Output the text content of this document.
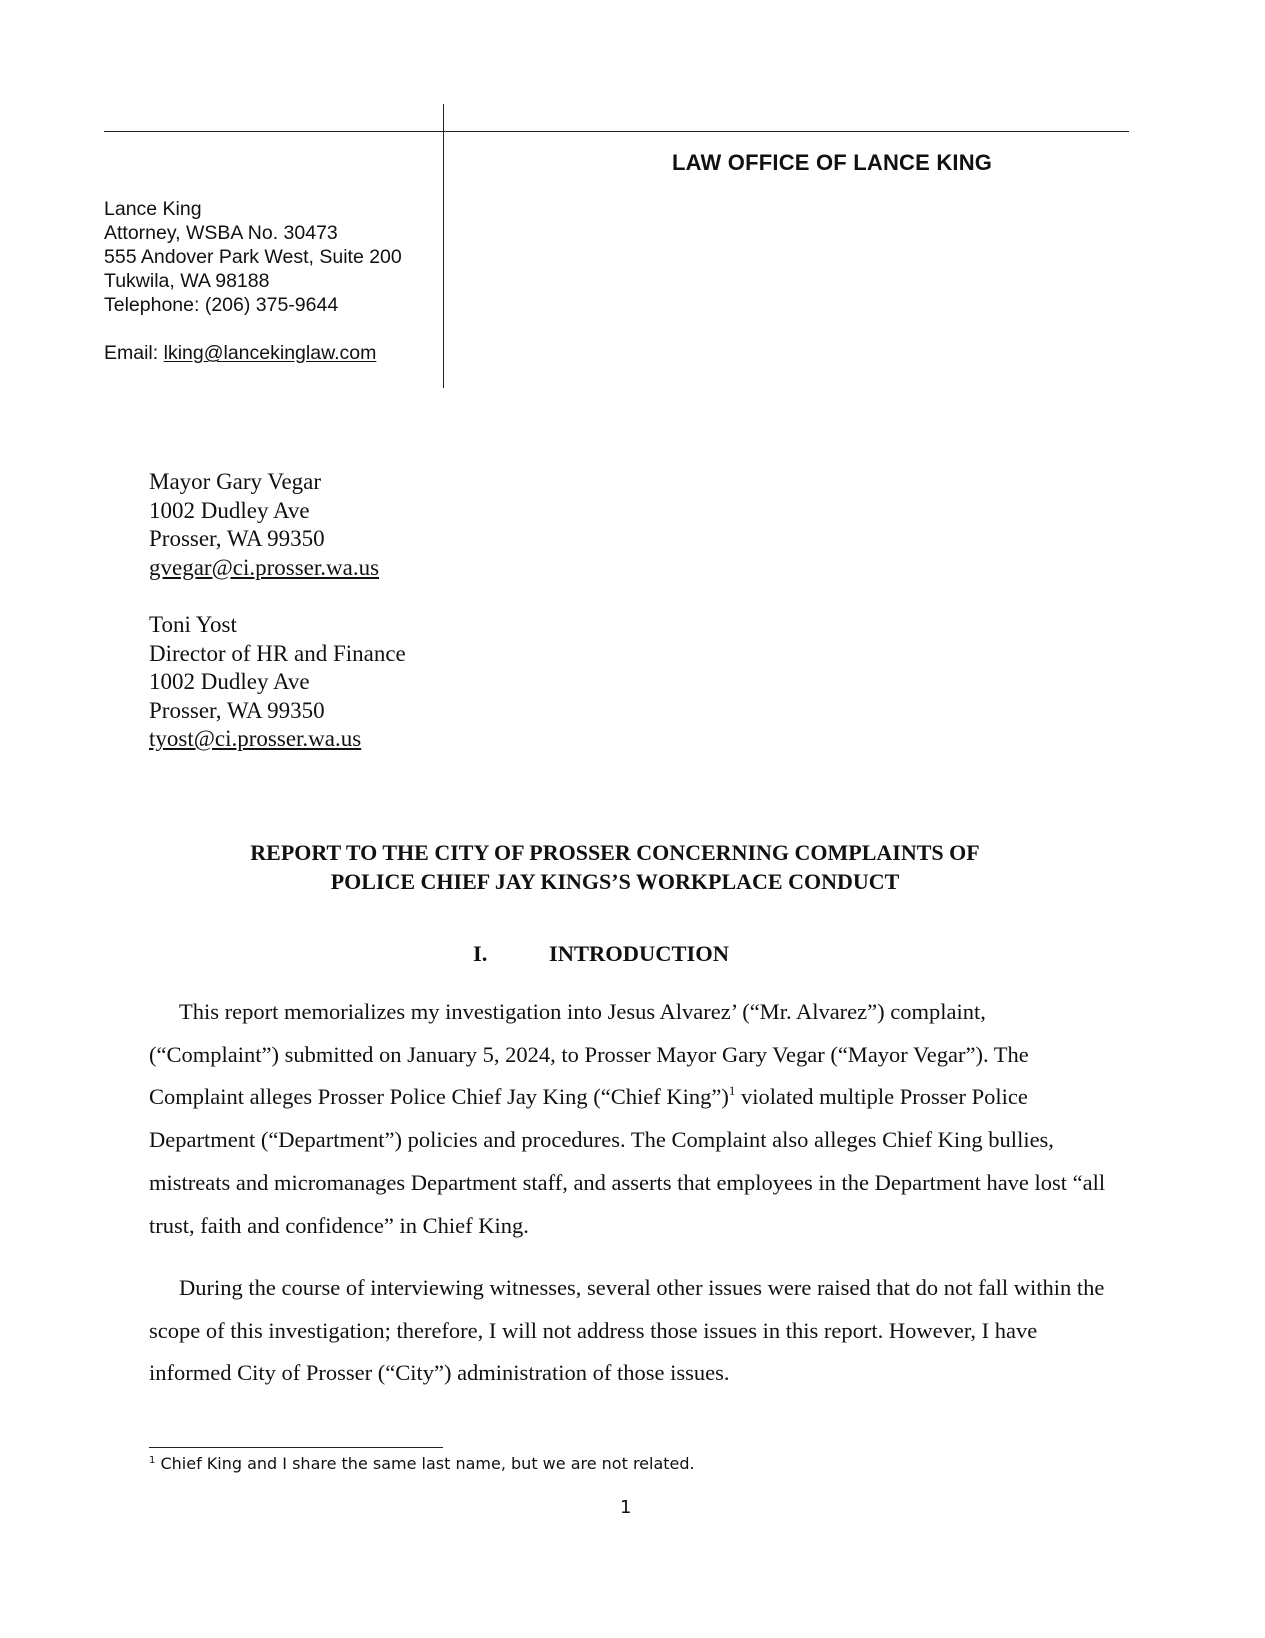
LAW OFFICE OF LANCE KING
Lance King
Attorney, WSBA No. 30473
555 Andover Park West, Suite 200
Tukwila, WA 98188
Telephone: (206) 375-9644
Email: lking@lancekinglaw.com
Mayor Gary Vegar
1002 Dudley Ave
Prosser, WA 99350
gvegar@ci.prosser.wa.us
Toni Yost
Director of HR and Finance
1002 Dudley Ave
Prosser, WA 99350
tyost@ci.prosser.wa.us
REPORT TO THE CITY OF PROSSER CONCERNING COMPLAINTS OF
POLICE CHIEF JAY KINGS’S WORKPLACE CONDUCT
I.	INTRODUCTION
This report memorializes my investigation into Jesus Alvarez’ (“Mr. Alvarez”) complaint, (“Complaint”) submitted on January 5, 2024, to Prosser Mayor Gary Vegar (“Mayor Vegar”). The Complaint alleges Prosser Police Chief Jay King (“Chief King”)$^1$ violated multiple Prosser Police Department (“Department”) policies and procedures. The Complaint also alleges Chief King bullies, mistreats and micromanages Department staff, and asserts that employees in the Department have lost “all trust, faith and confidence” in Chief King.
During the course of interviewing witnesses, several other issues were raised that do not fall within the scope of this investigation; therefore, I will not address those issues in this report. However, I have informed City of Prosser (“City”) administration of those issues.
$^1$ Chief King and I share the same last name, but we are not related.
1
